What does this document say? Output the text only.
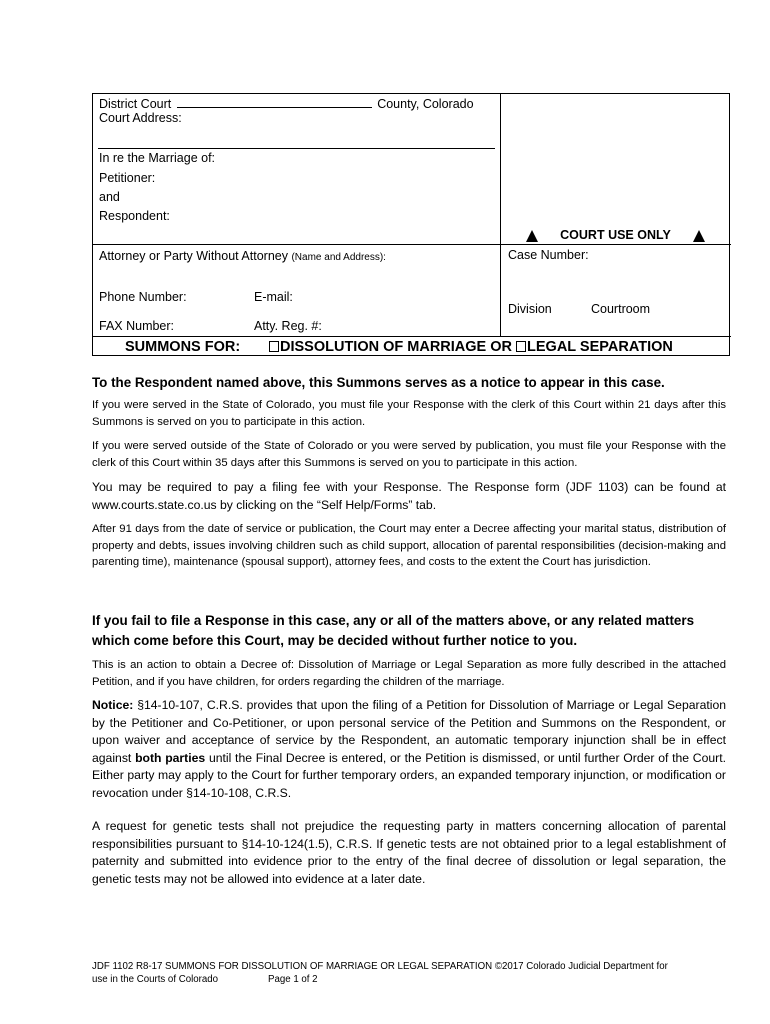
District Court	County, Colorado
Court Address:
In re the Marriage of:
Petitioner:
and
Respondent:
COURT USE ONLY
Attorney or Party Without Attorney (Name and Address):	Case Number:
Phone Number:	E-mail:
Division	Courtroom
FAX Number:	Atty. Reg. #:
SUMMONS FOR:	DISSOLUTION OF MARRIAGE OR LEGAL SEPARATION

To the Respondent named above, this Summons serves as a notice to appear in this case.

If you were served in the State of Colorado, you must file your Response with the clerk of this Court within 21 days after this Summons is served on you to participate in this action.

If you were served outside of the State of Colorado or you were served by publication, you must file your Response with the clerk of this Court within 35 days after this Summons is served on you to participate in this action.

You may be required to pay a filing fee with your Response. The Response form (JDF 1103) can be found at www.courts.state.co.us by clicking on the “Self Help/Forms” tab.

After 91 days from the date of service or publication, the Court may enter a Decree affecting your marital status, distribution of property and debts, issues involving children such as child support, allocation of parental responsibilities (decision-making and parenting time), maintenance (spousal support), attorney fees, and costs to the extent the Court has jurisdiction.

If you fail to file a Response in this case, any or all of the matters above, or any related matters which come before this Court, may be decided without further notice to you.

This is an action to obtain a Decree of: Dissolution of Marriage or Legal Separation as more fully described in the attached Petition, and if you have children, for orders regarding the children of the marriage.

Notice: §14-10-107, C.R.S. provides that upon the filing of a Petition for Dissolution of Marriage or Legal Separation by the Petitioner and Co-Petitioner, or upon personal service of the Petition and Summons on the Respondent, or upon waiver and acceptance of service by the Respondent, an automatic temporary injunction shall be in effect against both parties until the Final Decree is entered, or the Petition is dismissed, or until further Order of the Court. Either party may apply to the Court for further temporary orders, an expanded temporary injunction, or modification or revocation under §14-10-108, C.R.S.

A request for genetic tests shall not prejudice the requesting party in matters concerning allocation of parental responsibilities pursuant to §14-10-124(1.5), C.R.S. If genetic tests are not obtained prior to a legal establishment of paternity and submitted into evidence prior to the entry of the final decree of dissolution or legal separation, the genetic tests may not be allowed into evidence at a later date.

JDF 1102 R8-17 SUMMONS FOR DISSOLUTION OF MARRIAGE OR LEGAL SEPARATION ©2017 Colorado Judicial Department for
use in the Courts of Colorado	Page 1 of 2
